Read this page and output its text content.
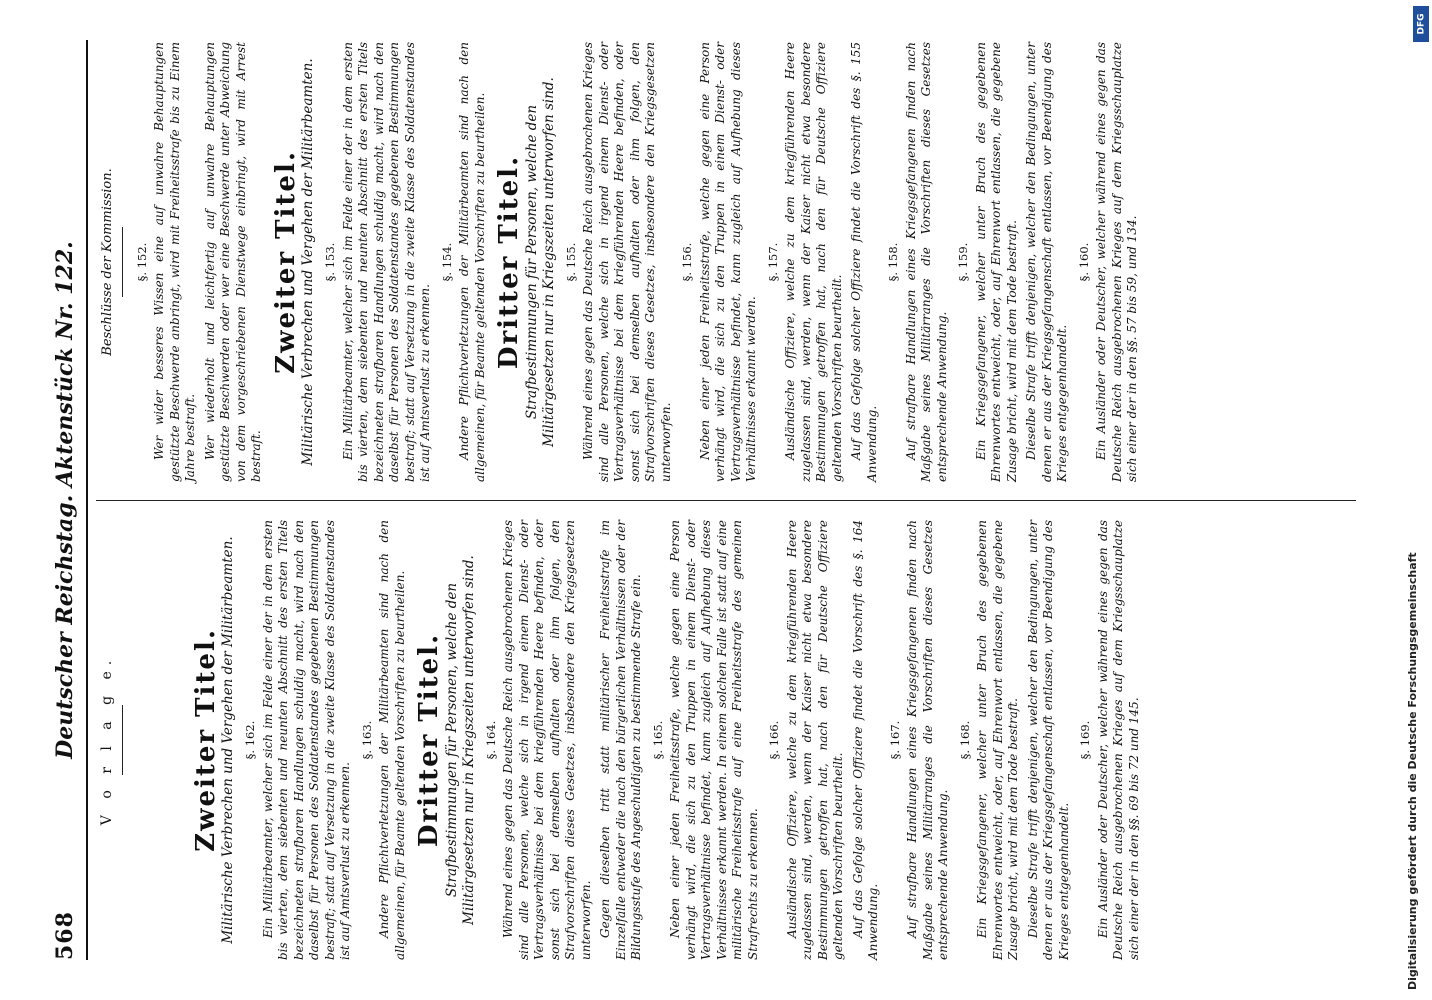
568
Deutscher Reichstag. Aktenstück Nr. 122. V o r l a g e.	Zweiter Titel. Militärische Verbrechen und Vergehen der Militärbeamten. §. 162. Ein Militärbeamter, welcher sich im Felde einer der in dem ersten bis vierten, dem siebenten und neunten Abschnitt des ersten Titels bezeichneten strafbaren Handlungen schuldig macht, wird nach den daselbst für Personen des Soldatenstandes gegebenen Bestimmungen bestraft; statt auf Versetzung in die zweite Klasse des Soldatenstandes ist auf Amtsverlust zu erkennen.

§. 163. Andere Pflichtverletzungen der Militärbeamten sind nach den allgemeinen, für Beamte geltenden Vorschriften zu beurtheilen. Dritter Titel. Strafbestimmungen für Personen, welche den Militärgesetzen nur in Kriegszeiten unterworfen sind. §. 164. Während eines gegen das Deutsche Reich ausgebrochenen Krieges sind alle Personen, welche sich in irgend einem Dienst- oder Vertragsverhältnisse bei dem kriegführenden Heere befinden, oder sonst sich bei demselben aufhalten oder ihm folgen, den Strafvorschriften dieses Gesetzes, insbesondere den Kriegsgesetzen unterworfen. Gegen dieselben tritt statt militärischer Freiheitsstrafe im Einzelfalle entweder die nach den bürgerlichen Verhältnissen oder der Bildungsstufe des Angeschuldigten zu bestimmende Strafe ein. §. 165. Neben einer jeden Freiheitsstrafe, welche gegen eine Person verhängt wird, die sich zu den Truppen in einem Dienst- oder Vertragsverhältnisse befindet, kann zugleich auf Aufhebung dieses Verhältnisses erkannt werden. In einem solchen Falle ist statt auf eine militärische Freiheitsstrafe auf eine Freiheitsstrafe des gemeinen Strafrechts zu erkennen.

§. 166. Ausländische Offiziere, welche zu dem kriegführenden Heere zugelassen sind, werden, wenn der Kaiser nicht etwa besondere Bestimmungen getroffen hat, nach den für Deutsche Offiziere geltenden Vorschriften beurtheilt. Auf das Gefolge solcher Offiziere findet die Vorschrift des §. 164 Anwendung.

§. 167. Auf strafbare Handlungen eines Kriegsgefangenen finden nach Maßgabe seines Militärranges die Vorschriften dieses Gesetzes entsprechende Anwendung.

§. 168. Ein Kriegsgefangener, welcher unter Bruch des gegebenen Ehrenwortes entweicht, oder, auf Ehrenwort entlassen, die gegebene Zusage bricht, wird mit dem Tode bestraft. Dieselbe Strafe trifft denjenigen, welcher den Bedingungen, unter denen er aus der Kriegsgefangenschaft entlassen, vor Beendigung des Krieges entgegenhandelt.

§. 169. Ein Ausländer oder Deutscher, welcher während eines gegen das Deutsche Reich ausgebrochenen Krieges auf dem Kriegsschauplatze sich einer der in den §§. 69 bis 72 und 145.

Beschlüsse der Kommission. §. 152. Wer wider besseres Wissen eine auf unwahre Behauptungen gestützte Beschwerde anbringt, wird mit Freiheitsstrafe bis zu Einem Jahre bestraft. Wer wiederholt und leichtfertig auf unwahre Behauptungen gestützte Beschwerden oder wer eine Beschwerde unter Abweichung von dem vorgeschriebenen Dienstwege einbringt, wird mit Arrest bestraft.

Zweiter Titel. Militärische Verbrechen und Vergehen der Militärbeamten. §. 153. Ein Militärbeamter, welcher sich im Felde einer der in dem ersten bis vierten, dem siebenten und neunten Abschnitt des ersten Titels bezeichneten strafbaren Handlungen schuldig macht, wird nach den daselbst für Personen des Soldatenstandes gegebenen Bestimmungen bestraft; statt auf Versetzung in die zweite Klasse des Soldatenstandes ist auf Amtsverlust zu erkennen.

§. 154. Andere Pflichtverletzungen der Militärbeamten sind nach den allgemeinen, für Beamte geltenden Vorschriften zu beurtheilen. Dritter Titel. Strafbestimmungen für Personen, welche den Militärgesetzen nur in Kriegszeiten unterworfen sind. §. 155. Während eines gegen das Deutsche Reich ausgebrochenen Krieges sind alle Personen, welche sich in irgend einem Dienst- oder Vertragsverhältnisse bei dem kriegführenden Heere befinden, oder sonst sich bei demselben aufhalten oder ihm folgen, den Strafvorschriften dieses Gesetzes, insbesondere den Kriegsgesetzen unterworfen.

§. 156. Neben einer jeden Freiheitsstrafe, welche gegen eine Person verhängt wird, die sich zu den Truppen in einem Dienst- oder Vertragsverhältnisse befindet, kann zugleich auf Aufhebung dieses Verhältnisses erkannt werden.

§. 157. Ausländische Offiziere, welche zu dem kriegführenden Heere zugelassen sind, werden, wenn der Kaiser nicht etwa besondere Bestimmungen getroffen hat, nach den für Deutsche Offiziere geltenden Vorschriften beurtheilt. Auf das Gefolge solcher Offiziere findet die Vorschrift des §. 155 Anwendung.

§. 158. Auf strafbare Handlungen eines Kriegsgefangenen finden nach Maßgabe seines Militärranges die Vorschriften dieses Gesetzes entsprechende Anwendung.

§. 159. Ein Kriegsgefangener, welcher unter Bruch des gegebenen Ehrenwortes entweicht, oder, auf Ehrenwort entlassen, die gegebene Zusage bricht, wird mit dem Tode bestraft. Dieselbe Strafe trifft denjenigen, welcher den Bedingungen, unter denen er aus der Kriegsgefangenschaft entlassen, vor Beendigung des Krieges entgegenhandelt.

§. 160. Ein Ausländer oder Deutscher, welcher während eines gegen das Deutsche Reich ausgebrochenen Krieges auf dem Kriegsschauplatze sich einer der in den §§. 57 bis 59, und 134.

DFG
Digitalisierung gefördert durch die Deutsche Forschungsgemeinschaft
